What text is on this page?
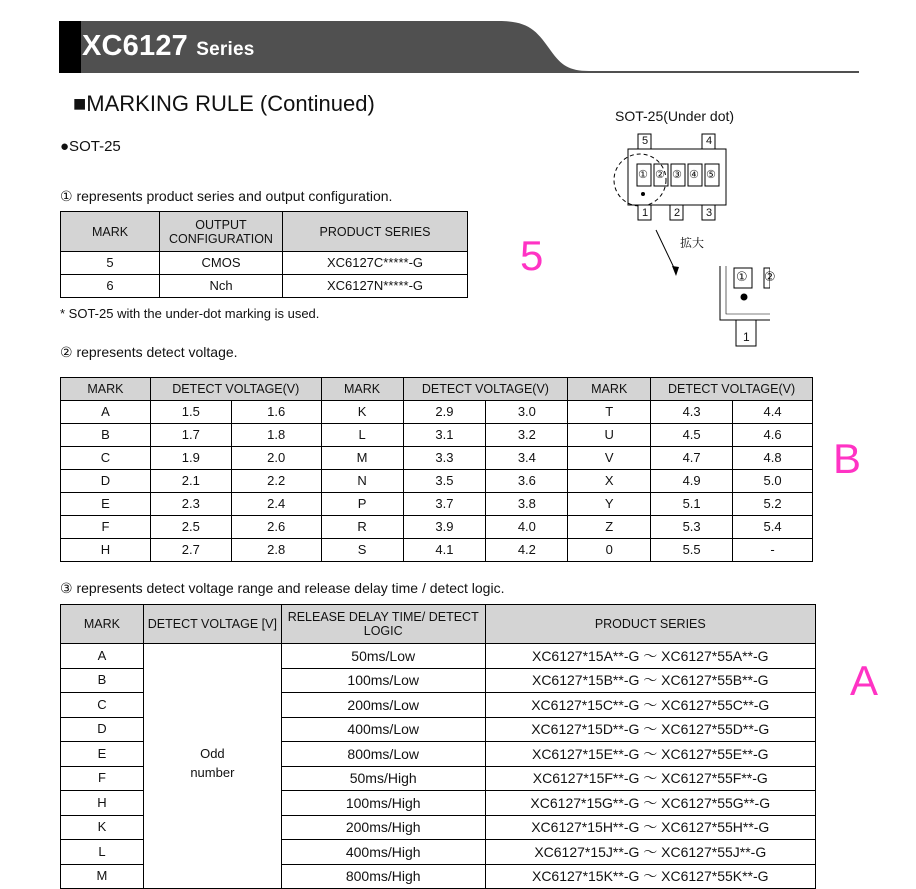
XC6127 Series
■MARKING RULE (Continued)
●SOT-25
SOT-25(Under dot)
5	4
① ② ③ ④ ⑤
1 2 3
拡大
① ②
1
5
B
A
① represents product series and output configuration.
MARK	OUTPUT CONFIGURATION	PRODUCT SERIES
5	CMOS	XC6127C*****-G
6	Nch	XC6127N*****-G
* SOT-25 with the under-dot marking is used.
② represents detect voltage.
MARK	DETECT VOLTAGE(V)		MARK	DETECT VOLTAGE(V)		MARK	DETECT VOLTAGE(V)	
A	1.5	1.6	K	2.9	3.0	T	4.3	4.4
B	1.7	1.8	L	3.1	3.2	U	4.5	4.6
C	1.9	2.0	M	3.3	3.4	V	4.7	4.8
D	2.1	2.2	N	3.5	3.6	X	4.9	5.0
E	2.3	2.4	P	3.7	3.8	Y	5.1	5.2
F	2.5	2.6	R	3.9	4.0	Z	5.3	5.4
H	2.7	2.8	S	4.1	4.2	0	5.5	-
③ represents detect voltage range and release delay time / detect logic.
MARK	DETECT VOLTAGE [V]	RELEASE DELAY TIME/ DETECT LOGIC	PRODUCT SERIES
A	Odd number	50ms/Low	XC6127*15A**-G ～ XC6127*55A**-G
B		100ms/Low	XC6127*15B**-G ～ XC6127*55B**-G
C		200ms/Low	XC6127*15C**-G ～ XC6127*55C**-G
D		400ms/Low	XC6127*15D**-G ～ XC6127*55D**-G
E		800ms/Low	XC6127*15E**-G ～ XC6127*55E**-G
F		50ms/High	XC6127*15F**-G ～ XC6127*55F**-G
H		100ms/High	XC6127*15G**-G ～ XC6127*55G**-G
K		200ms/High	XC6127*15H**-G ～ XC6127*55H**-G
L		400ms/High	XC6127*15J**-G ～ XC6127*55J**-G
M		800ms/High	XC6127*15K**-G ～ XC6127*55K**-G
